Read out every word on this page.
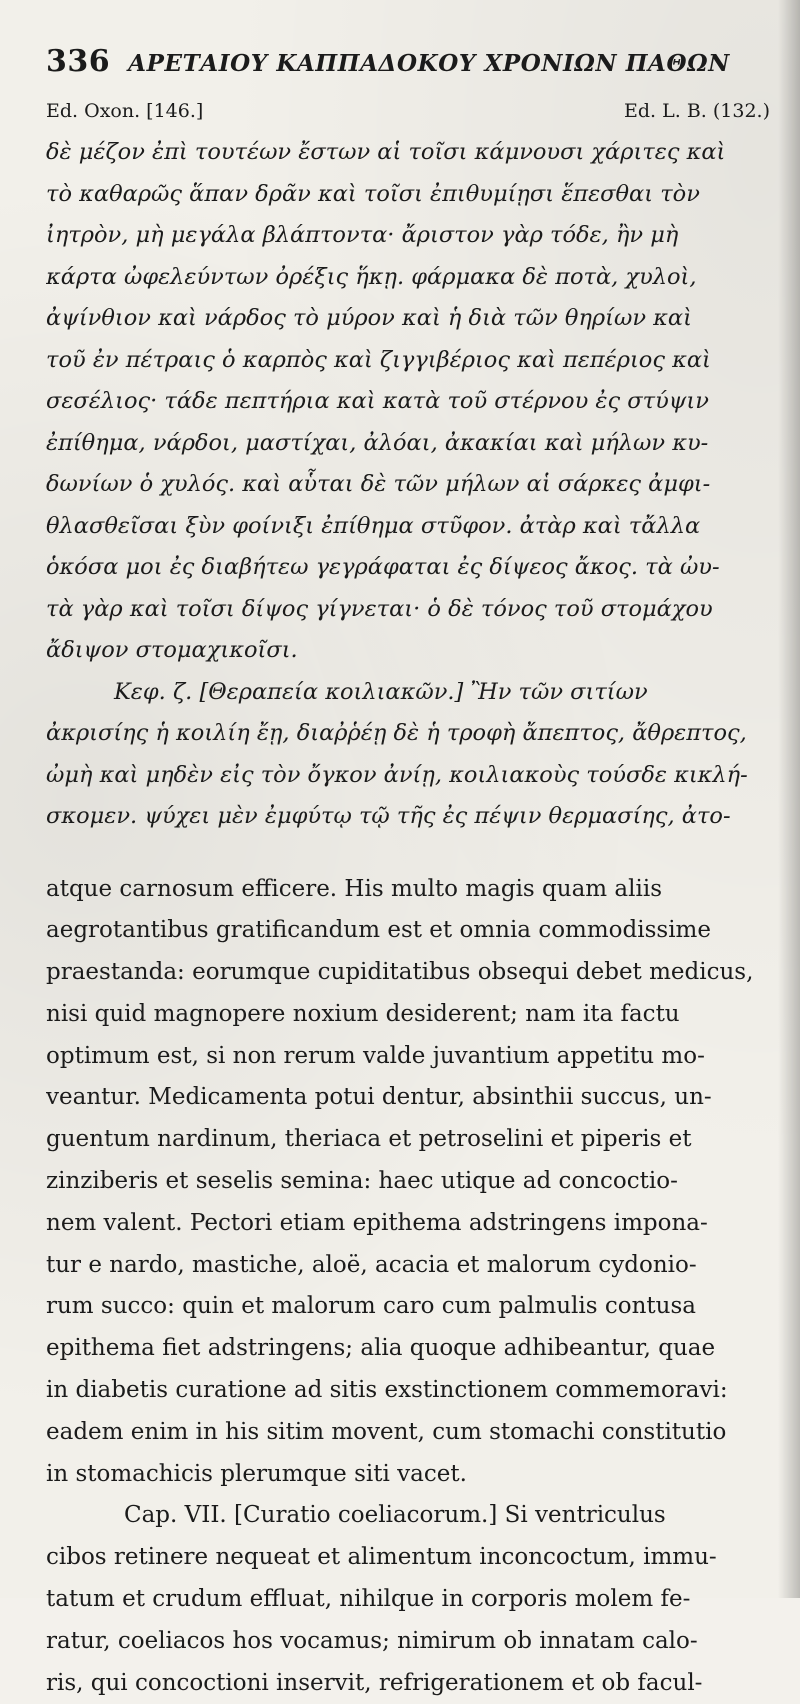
336 ΑΡΕΤΑΙΟΥ ΚΑΠΠΑΔΟΚΟΥ ΧΡΟΝΙΩΝ ΠΑΘΩΝ
Ed. Oxon. [146.]	Ed. L. B. (132.)
δὲ μέζον ἐπὶ τουτέων ἔστων αἱ τοῖσι κάμνουσι χάριτες καὶ
τὸ καθαρῶς ἅπαν δρᾶν καὶ τοῖσι ἐπιθυμίῃσι ἕπεσθαι τὸν
ἰητρὸν, μὴ μεγάλα βλάπτοντα· ἄριστον γὰρ τόδε, ἢν μὴ
κάρτα ὠφελεύντων ὀρέξις ἥκῃ. φάρμακα δὲ ποτὰ, χυλοὶ,
ἀψίνθιον καὶ νάρδος τὸ μύρον καὶ ἡ διὰ τῶν θηρίων καὶ
τοῦ ἐν πέτραις ὁ καρπὸς καὶ ζιγγιβέριος καὶ πεπέριος καὶ
σεσέλιος· τάδε πεπτήρια καὶ κατὰ τοῦ στέρνου ἐς στύψιν
ἐπίθημα, νάρδοι, μαστίχαι, ἀλόαι, ἀκακίαι καὶ μήλων κυ-
δωνίων ὁ χυλός. καὶ αὗται δὲ τῶν μήλων αἱ σάρκες ἀμφι-
θλασθεῖσαι ξὺν φοίνιξι ἐπίθημα στῦφον. ἀτὰρ καὶ τἄλλα
ὁκόσα μοι ἐς διαβήτεω γεγράφαται ἐς δίψεος ἄκος. τὰ ὠυ-
τὰ γὰρ καὶ τοῖσι δίψος γίγνεται· ὁ δὲ τόνος τοῦ στομάχου
ἄδιψον στομαχικοῖσι.
Κεφ. ζ. [Θεραπεία κοιλιακῶν.] Ἢν τῶν σιτίων
ἀκρισίης ἡ κοιλίη ἔῃ, διαῤῥέῃ δὲ ἡ τροφὴ ἄπεπτος, ἄθρεπτος,
ὠμὴ καὶ μηδὲν εἰς τὸν ὄγκον ἀνίῃ, κοιλιακοὺς τούσδε κικλή-
σκομεν. ψύχει μὲν ἐμφύτῳ τῷ τῆς ἐς πέψιν θερμασίης, ἀτο-
atque carnosum efficere. His multo magis quam aliis
aegrotantibus gratificandum est et omnia commodissime
praestanda: eorumque cupiditatibus obsequi debet medicus,
nisi quid magnopere noxium desiderent; nam ita factu
optimum est, si non rerum valde juvantium appetitu mo-
veantur. Medicamenta potui dentur, absinthii succus, un-
guentum nardinum, theriaca et petroselini et piperis et
zinziberis et seselis semina: haec utique ad concoctio-
nem valent. Pectori etiam epithema adstringens imponа-
tur e nardo, mastiche, aloë, acacia et malorum cydonio-
rum succo: quin et malorum caro cum palmulis contusa
epithema fiet adstringens; alia quoque adhibeantur, quae
in diabetis curatione ad sitis exstinctionem commemoravi:
eadem enim in his sitim movent, cum stomachi constitutio
in stomachicis plerumque siti vacet.
Cap. VII. [Curatio coeliacorum.] Si ventriculus
cibos retinere nequeat et alimentum inconcoctum, immu-
tatum et crudum effluat, nihilque in corporis molem fe-
ratur, coeliacos hos vocamus; nimirum ob innatam calo-
ris, qui concoctioni inservit, refrigerationem et ob facul-
